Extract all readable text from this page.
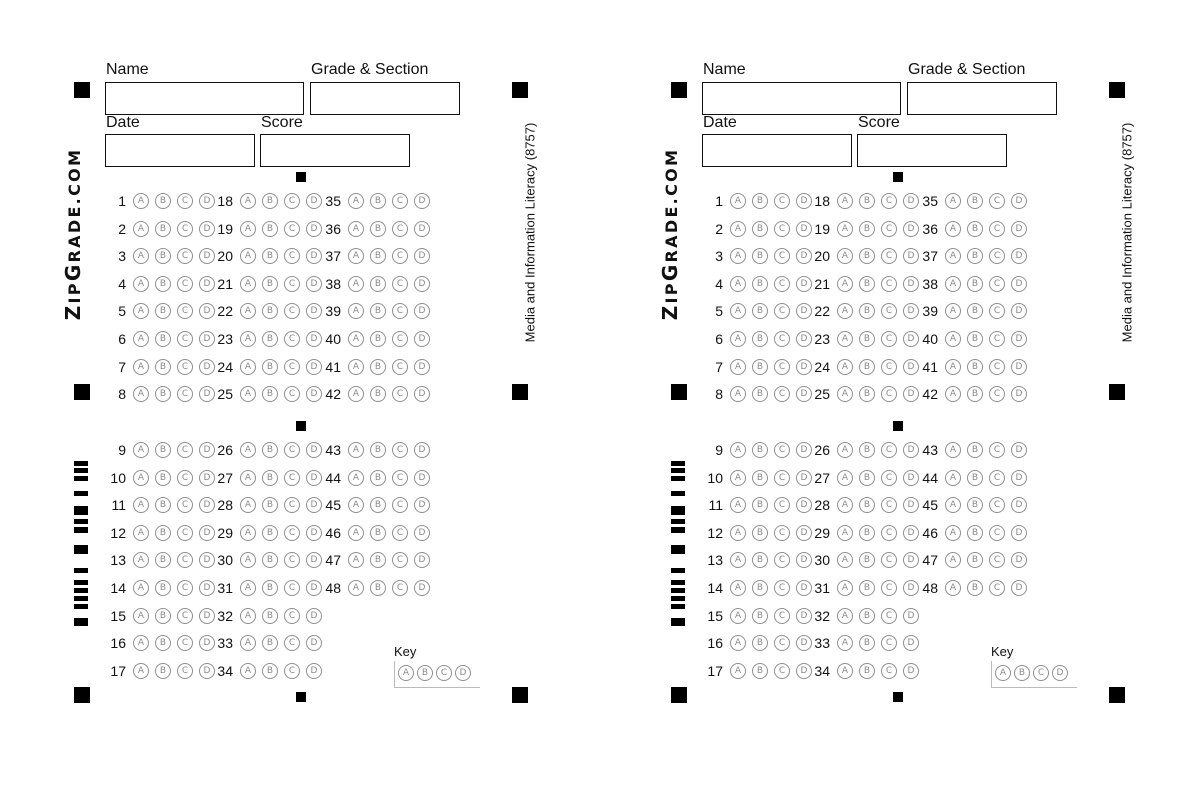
Name	Grade & Section
Date	Score
ZIPGRADE.COM	Media and Information Literacy (8757)
1	A	B	C	D
2	A	B	C	D
3	A	B	C	D
4	A	B	C	D
5	A	B	C	D
6	A	B	C	D
7	A	B	C	D
8	A	B	C	D
9	A	B	C	D
10	A	B	C	D
11	A	B	C	D
12	A	B	C	D
13	A	B	C	D
14	A	B	C	D
15	A	B	C	D
16	A	B	C	D
17	A	B	C	D
18	A	B	C	D
19	A	B	C	D
20	A	B	C	D
21	A	B	C	D
22	A	B	C	D
23	A	B	C	D
24	A	B	C	D
25	A	B	C	D
26	A	B	C	D
27	A	B	C	D
28	A	B	C	D
29	A	B	C	D
30	A	B	C	D
31	A	B	C	D
32	A	B	C	D
33	A	B	C	D
34	A	B	C	D
35	A	B	C	D
36	A	B	C	D
37	A	B	C	D
38	A	B	C	D
39	A	B	C	D
40	A	B	C	D
41	A	B	C	D
42	A	B	C	D
43	A	B	C	D
44	A	B	C	D
45	A	B	C	D
46	A	B	C	D
47	A	B	C	D
48	A	B	C	D
Key
A	B	C	D
Name	Grade & Section
Date	Score
ZIPGRADE.COM	Media and Information Literacy (8757)
1	A	B	C	D
2	A	B	C	D
3	A	B	C	D
4	A	B	C	D
5	A	B	C	D
6	A	B	C	D
7	A	B	C	D
8	A	B	C	D
9	A	B	C	D
10	A	B	C	D
11	A	B	C	D
12	A	B	C	D
13	A	B	C	D
14	A	B	C	D
15	A	B	C	D
16	A	B	C	D
17	A	B	C	D
18	A	B	C	D
19	A	B	C	D
20	A	B	C	D
21	A	B	C	D
22	A	B	C	D
23	A	B	C	D
24	A	B	C	D
25	A	B	C	D
26	A	B	C	D
27	A	B	C	D
28	A	B	C	D
29	A	B	C	D
30	A	B	C	D
31	A	B	C	D
32	A	B	C	D
33	A	B	C	D
34	A	B	C	D
35	A	B	C	D
36	A	B	C	D
37	A	B	C	D
38	A	B	C	D
39	A	B	C	D
40	A	B	C	D
41	A	B	C	D
42	A	B	C	D
43	A	B	C	D
44	A	B	C	D
45	A	B	C	D
46	A	B	C	D
47	A	B	C	D
48	A	B	C	D
Key
A	B	C	D
